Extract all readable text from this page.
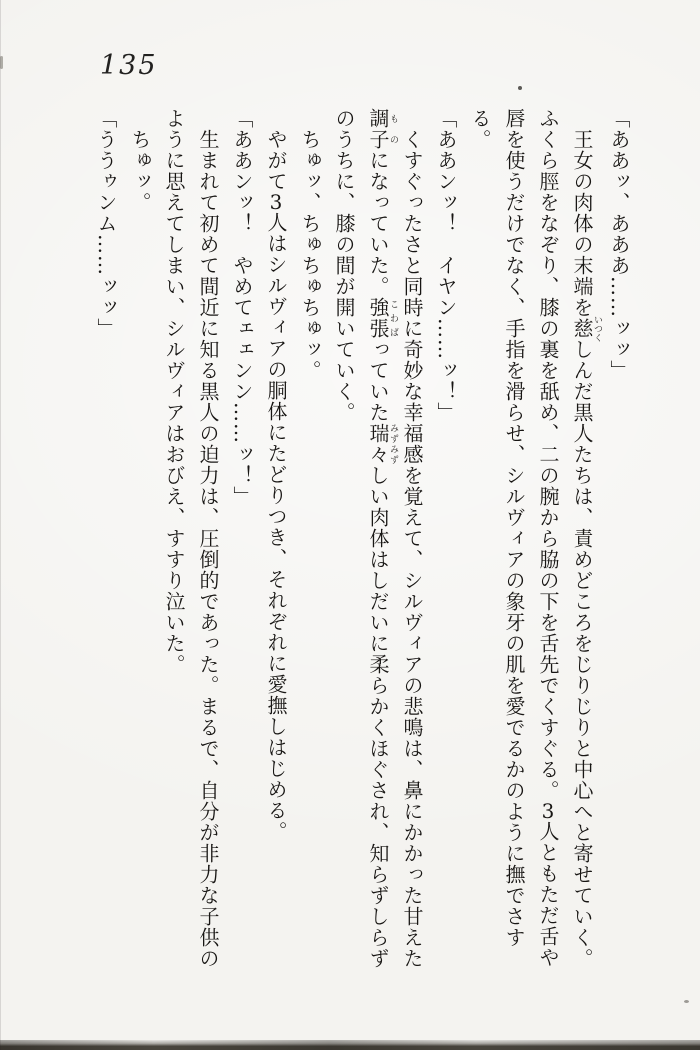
135

「ああッ、あああ……ッッ」

王女の肉体の末端を慈いつくしんだ黒人たちは、責めどころをじりじりと中心へと寄せていく。ふくら脛をなぞり、膝の裏を舐め、二の腕から脇の下を舌先でくすぐる。3人ともただ舌や唇を使うだけでなく、手指を滑らせ、シルヴィアの象牙の肌を愛でるかのように撫でさする。

「ああンッ！　イヤン……ッ！」

くすぐったさと同時に奇妙な幸福感を覚えて、シルヴィアの悲鳴は、鼻にかかった甘えた調子ものになっていた。強張こわばっていた瑞々みずみずしい肉体はしだいに柔らかくほぐされ、知らずしらずのうちに、膝の間が開いていく。

ちゅッ、ちゅちゅちゅッ。

やがて3人はシルヴィアの胴体にたどりつき、それぞれに愛撫しはじめる。

「ああンッ！　やめてェェンン……ッ！」

生まれて初めて間近に知る黒人の迫力は、圧倒的であった。まるで、自分が非力な子供のように思えてしまい、シルヴィアはおびえ、すすり泣いた。

ちゅッ。

「ううゥンム……ッッ」
